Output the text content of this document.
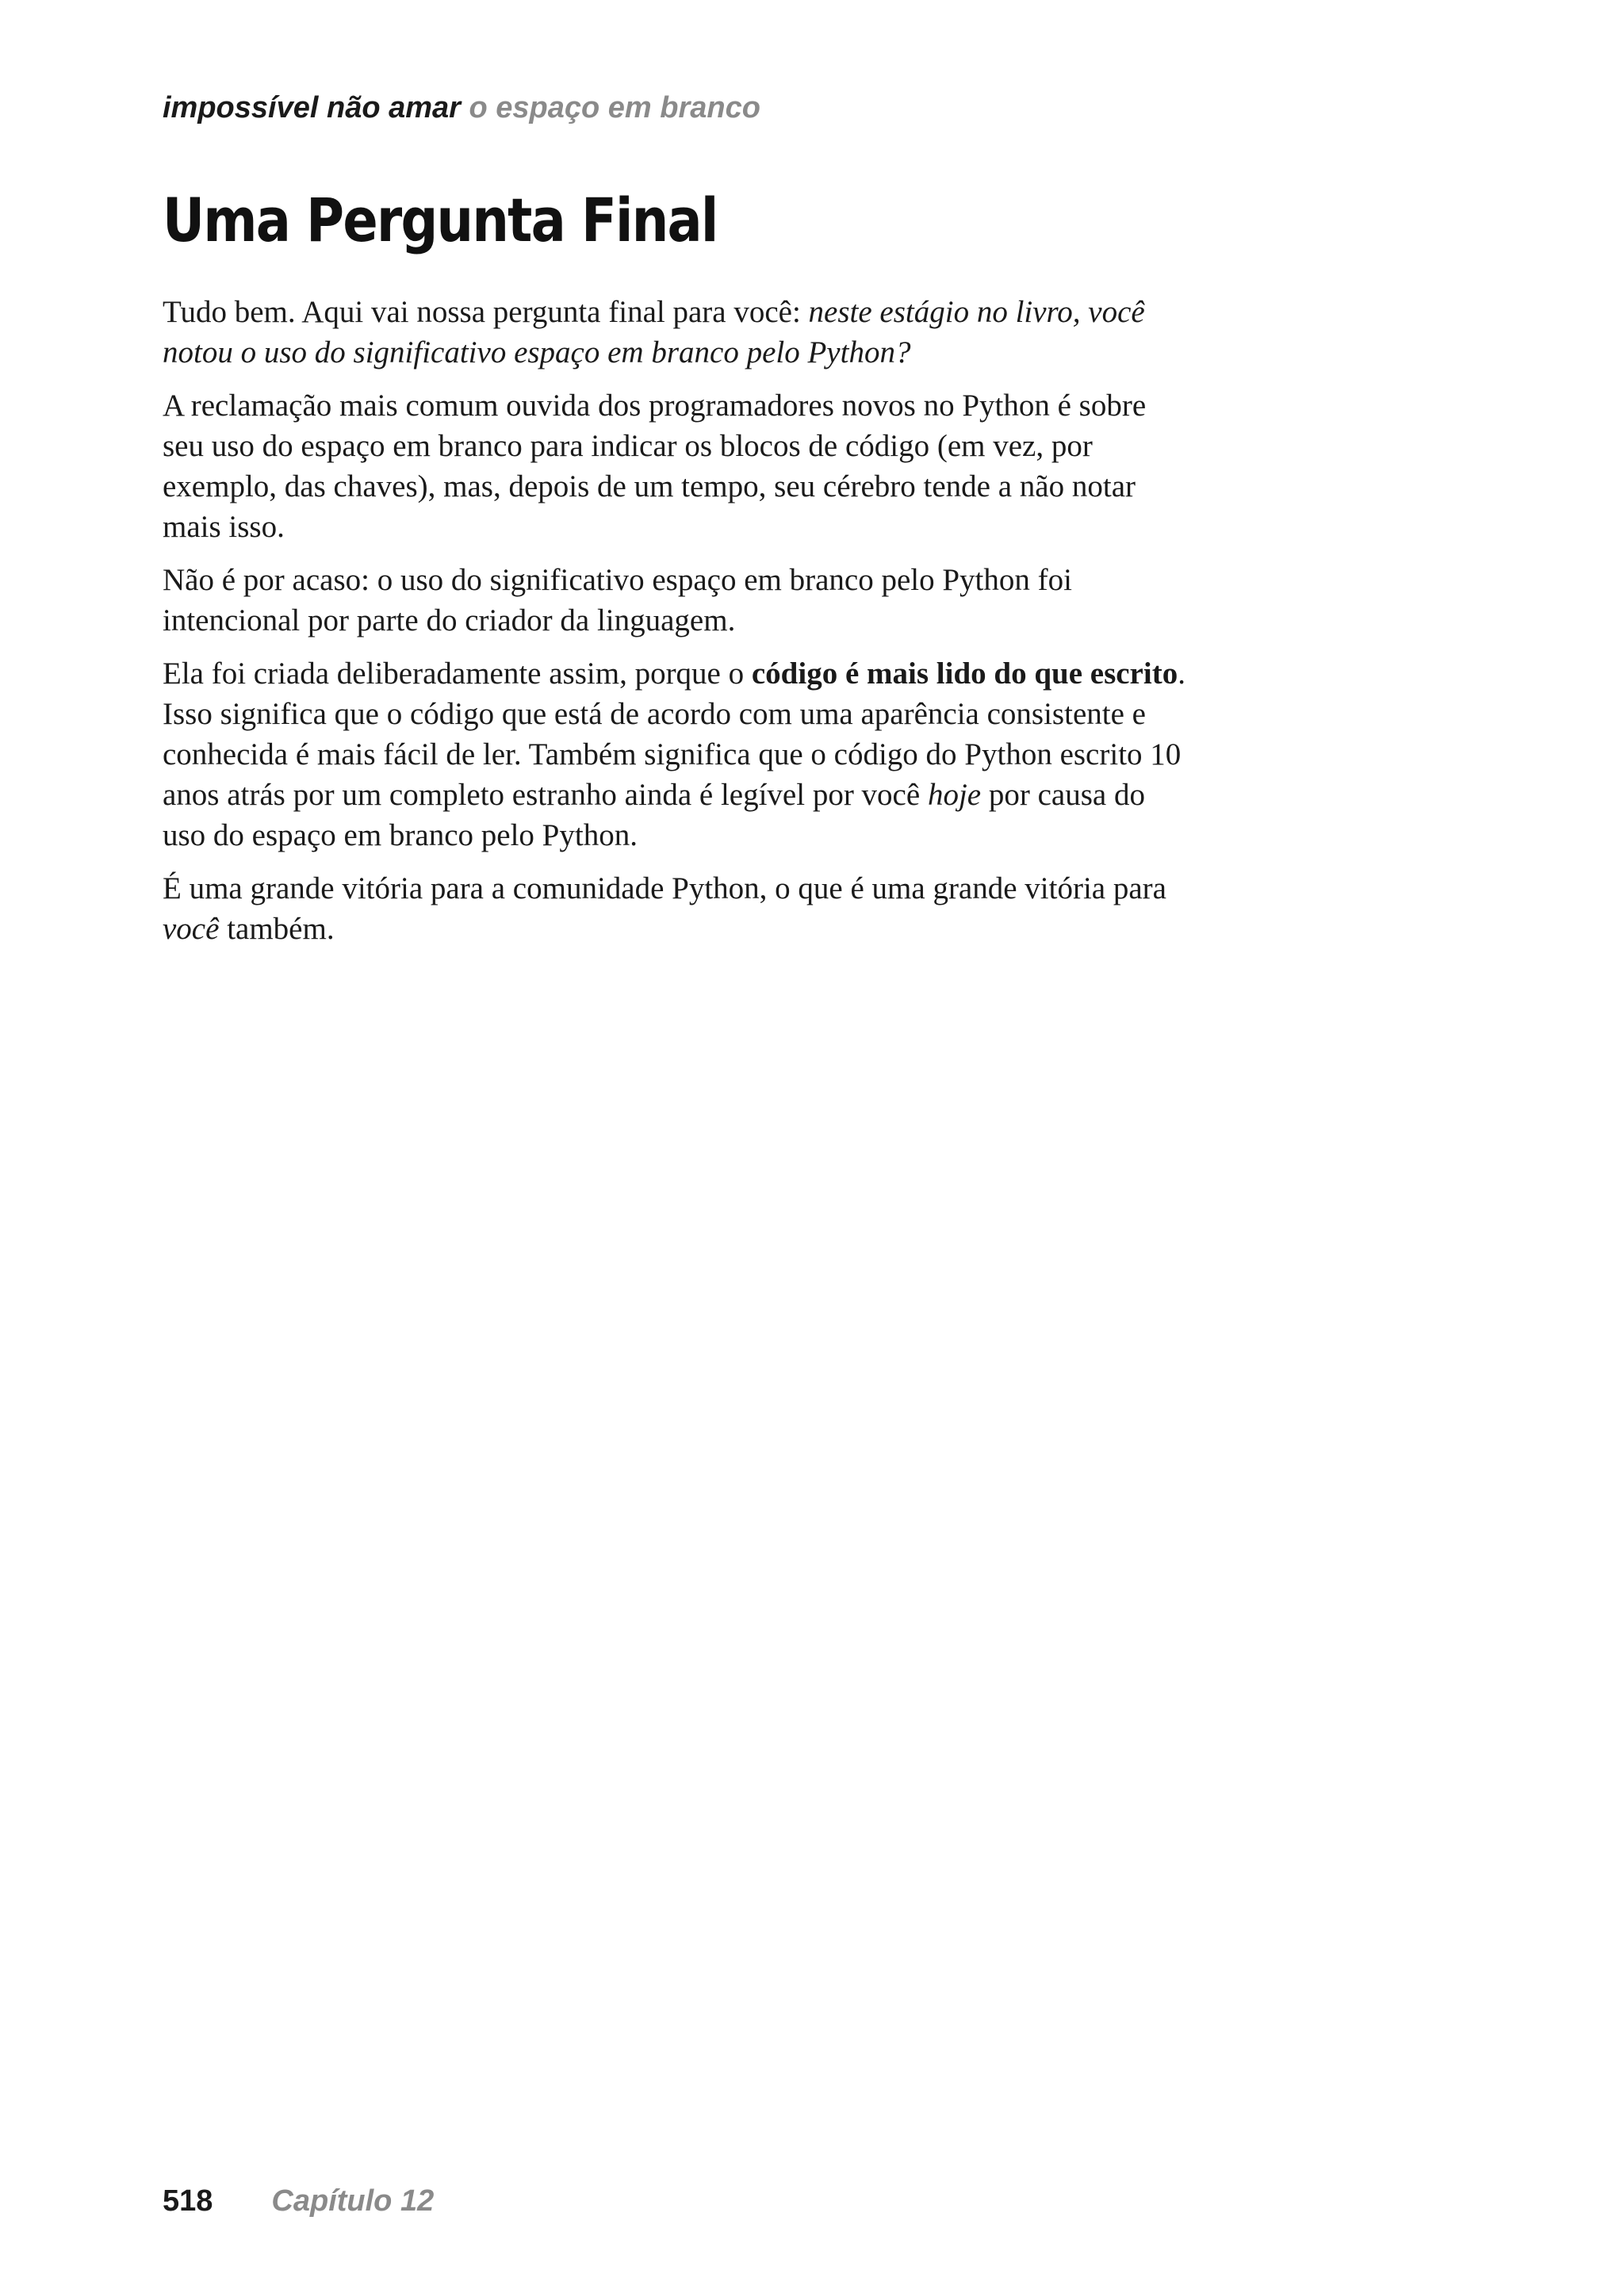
impossível não amar o espaço em branco
Uma Pergunta Final

Tudo bem. Aqui vai nossa pergunta final para você: neste estágio no livro, você notou o uso do significativo espaço em branco pelo Python?

A reclamação mais comum ouvida dos programadores novos no Python é sobre seu uso do espaço em branco para indicar os blocos de código (em vez, por exemplo, das chaves), mas, depois de um tempo, seu cérebro tende a não notar mais isso.

Não é por acaso: o uso do significativo espaço em branco pelo Python foi intencional por parte do criador da linguagem.

Ela foi criada deliberadamente assim, porque o código é mais lido do que escrito. Isso significa que o código que está de acordo com uma aparência consistente e conhecida é mais fácil de ler. Também significa que o código do Python escrito 10 anos atrás por um completo estranho ainda é legível por você hoje por causa do uso do espaço em branco pelo Python.

É uma grande vitória para a comunidade Python, o que é uma grande vitória para você também.

518 Capítulo 12
